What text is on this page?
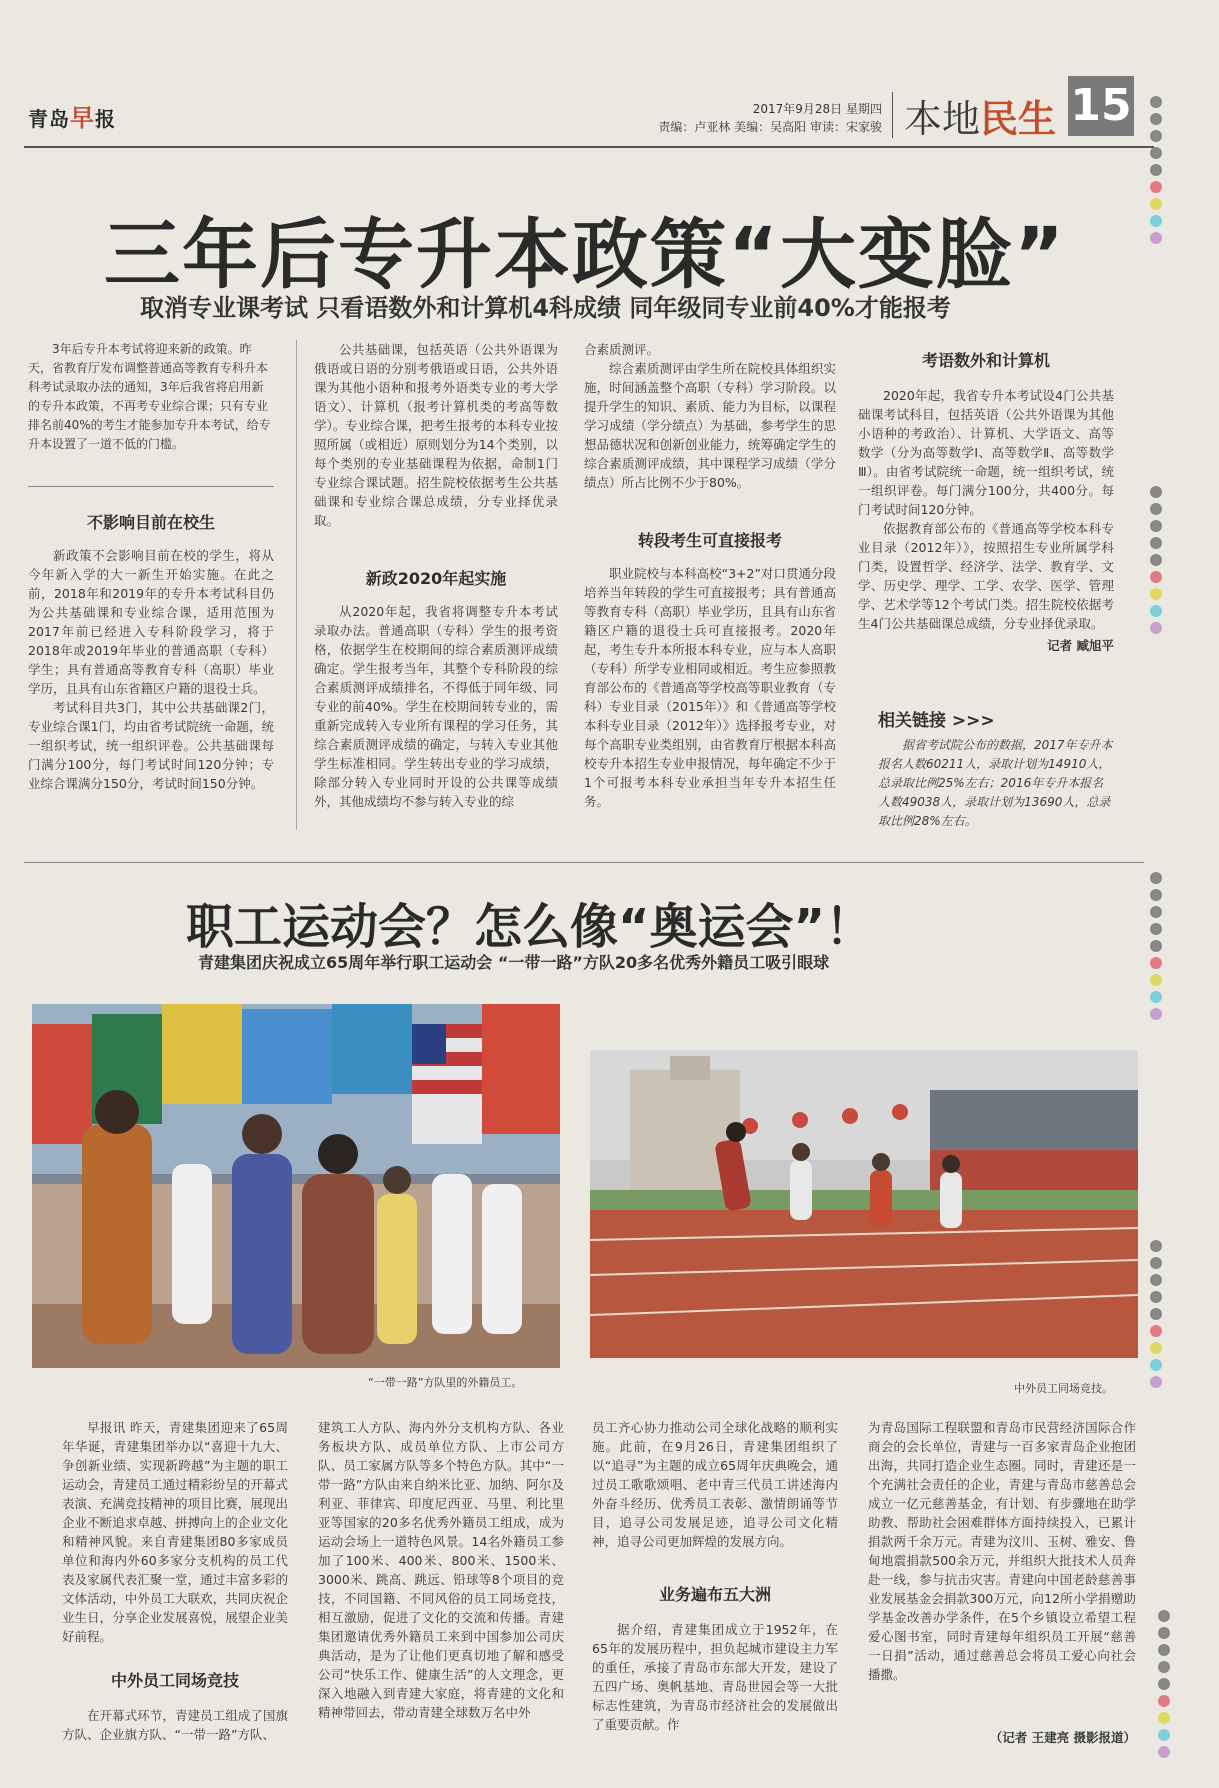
青岛早报	2017年9月28日 星期四
责编：卢亚林 美编：吴高阳 审读：宋家骏 本地民生 15
三年后专升本政策“大变脸”
取消专业课考试 只看语数外和计算机4科成绩 同年级同专业前40%才能报考

3年后专升本考试将迎来新的政策。昨天，省教育厅发布调整普通高等教育专科升本科考试录取办法的通知，3年后我省将启用新的专升本政策，不再考专业综合课；只有专业排名前40%的考生才能参加专升本考试，给专升本设置了一道不低的门槛。

不影响目前在校生

新政策不会影响目前在校的学生，将从今年新入学的大一新生开始实施。在此之前，2018年和2019年的专升本考试科目仍为公共基础课和专业综合课，适用范围为2017年前已经进入专科阶段学习，将于2018年或2019年毕业的普通高职（专科）学生；具有普通高等教育专科（高职）毕业学历，且具有山东省籍区户籍的退役士兵。

考试科目共3门，其中公共基础课2门，专业综合课1门，均由省考试院统一命题，统一组织考试，统一组织评卷。公共基础课每门满分100分，每门考试时间120分钟；专业综合课满分150分，考试时间150分钟。

公共基础课，包括英语（公共外语课为俄语或日语的分别考俄语或日语，公共外语课为其他小语种和报考外语类专业的考大学语文）、计算机（报考计算机类的考高等数学）。专业综合课，把考生报考的本科专业按照所属（或相近）原则划分为14个类别，以每个类别的专业基础课程为依据，命制1门专业综合课试题。招生院校依据考生公共基础课和专业综合课总成绩，分专业择优录取。

新政2020年起实施

从2020年起，我省将调整专升本考试录取办法。普通高职（专科）学生的报考资格，依据学生在校期间的综合素质测评成绩确定。学生报考当年，其整个专科阶段的综合素质测评成绩排名，不得低于同年级、同专业的前40%。学生在校期间转专业的，需重新完成转入专业所有课程的学习任务，其综合素质测评成绩的确定，与转入专业其他学生标准相同。学生转出专业的学习成绩，除部分转入专业同时开设的公共课等成绩外，其他成绩均不参与转入专业的综

合素质测评。

综合素质测评由学生所在院校具体组织实施，时间涵盖整个高职（专科）学习阶段。以提升学生的知识、素质、能力为目标，以课程学习成绩（学分绩点）为基础，参考学生的思想品德状况和创新创业能力，统筹确定学生的综合素质测评成绩，其中课程学习成绩（学分绩点）所占比例不少于80%。

转段考生可直接报考

职业院校与本科高校“3+2”对口贯通分段培养当年转段的学生可直接报考；具有普通高等教育专科（高职）毕业学历，且具有山东省籍区户籍的退役士兵可直接报考。2020年起，考生专升本所报本科专业，应与本人高职（专科）所学专业相同或相近。考生应参照教育部公布的《普通高等学校高等职业教育（专科）专业目录（2015年）》和《普通高等学校本科专业目录（2012年）》选择报考专业，对每个高职专业类组别，由省教育厅根据本科高校专升本招生专业申报情况，每年确定不少于1个可报考本科专业承担当年专升本招生任务。

考语数外和计算机

2020年起，我省专升本考试设4门公共基础课考试科目，包括英语（公共外语课为其他小语种的考政治）、计算机、大学语文、高等数学（分为高等数学Ⅰ、高等数学Ⅱ、高等数学Ⅲ）。由省考试院统一命题，统一组织考试，统一组织评卷。每门满分100分，共400分。每门考试时间120分钟。

依据教育部公布的《普通高等学校本科专业目录（2012年）》，按照招生专业所属学科门类，设置哲学、经济学、法学、教育学、文学、历史学、理学、工学、农学、医学、管理学、艺术学等12个考试门类。招生院校依据考生4门公共基础课总成绩，分专业择优录取。

记者 臧旭平
相关链接 >>>

据省考试院公布的数据，2017年专升本报名人数60211人，录取计划为14910人，总录取比例25%左右；2016年专升本报名人数49038人，录取计划为13690人，总录取比例28%左右。

职工运动会？怎么像“奥运会”！
青建集团庆祝成立65周年举行职工运动会 “一带一路”方队20多名优秀外籍员工吸引眼球
“一带一路”方队里的外籍员工。	中外员工同场竞技。

早报讯 昨天，青建集团迎来了65周年华诞，青建集团举办以“喜迎十九大、争创新业绩、实现新跨越”为主题的职工运动会，青建员工通过精彩纷呈的开幕式表演、充满竞技精神的项目比赛，展现出企业不断追求卓越、拼搏向上的企业文化和精神风貌。来自青建集团80多家成员单位和海内外60多家分支机构的员工代表及家属代表汇聚一堂，通过丰富多彩的文体活动，中外员工大联欢，共同庆祝企业生日，分享企业发展喜悦，展望企业美好前程。

中外员工同场竞技

在开幕式环节，青建员工组成了国旗方队、企业旗方队、“一带一路”方队、

建筑工人方队、海内外分支机构方队、各业务板块方队、成员单位方队、上市公司方队、员工家属方队等多个特色方队。其中“一带一路”方队由来自纳米比亚、加纳、阿尔及利亚、菲律宾、印度尼西亚、马里、利比里亚等国家的20多名优秀外籍员工组成，成为运动会场上一道特色风景。14名外籍员工参加了100米、400米、800米、1500米、3000米、跳高、跳远、铅球等8个项目的竞技，不同国籍、不同风俗的员工同场竞技，相互激励，促进了文化的交流和传播。青建集团邀请优秀外籍员工来到中国参加公司庆典活动，是为了让他们更真切地了解和感受公司“快乐工作、健康生活”的人文理念，更深入地融入到青建大家庭，将青建的文化和精神带回去，带动青建全球数万名中外

员工齐心协力推动公司全球化战略的顺利实施。此前，在9月26日，青建集团组织了以“追寻”为主题的成立65周年庆典晚会，通过员工歌歌颂唱、老中青三代员工讲述海内外奋斗经历、优秀员工表彰、激情朗诵等节目，追寻公司发展足迹，追寻公司文化精神，追寻公司更加辉煌的发展方向。

业务遍布五大洲

据介绍，青建集团成立于1952年，在65年的发展历程中，担负起城市建设主力军的重任，承接了青岛市东部大开发，建设了五四广场、奥帆基地、青岛世园会等一大批标志性建筑，为青岛市经济社会的发展做出了重要贡献。作

为青岛国际工程联盟和青岛市民营经济国际合作商会的会长单位，青建与一百多家青岛企业抱团出海，共同打造企业生态圈。同时，青建还是一个充满社会责任的企业，青建与青岛市慈善总会成立一亿元慈善基金，有计划、有步骤地在助学助教、帮助社会困难群体方面持续投入，已累计捐款两千余万元。青建为汶川、玉树、雅安、鲁甸地震捐款500余万元，并组织大批技术人员奔赴一线，参与抗击灾害。青建向中国老龄慈善事业发展基金会捐款300万元，向12所小学捐赠助学基金改善办学条件，在5个乡镇设立希望工程爱心图书室，同时青建每年组织员工开展“慈善一日捐”活动，通过慈善总会将员工爱心向社会播撒。

（记者 王建亮 摄影报道）
